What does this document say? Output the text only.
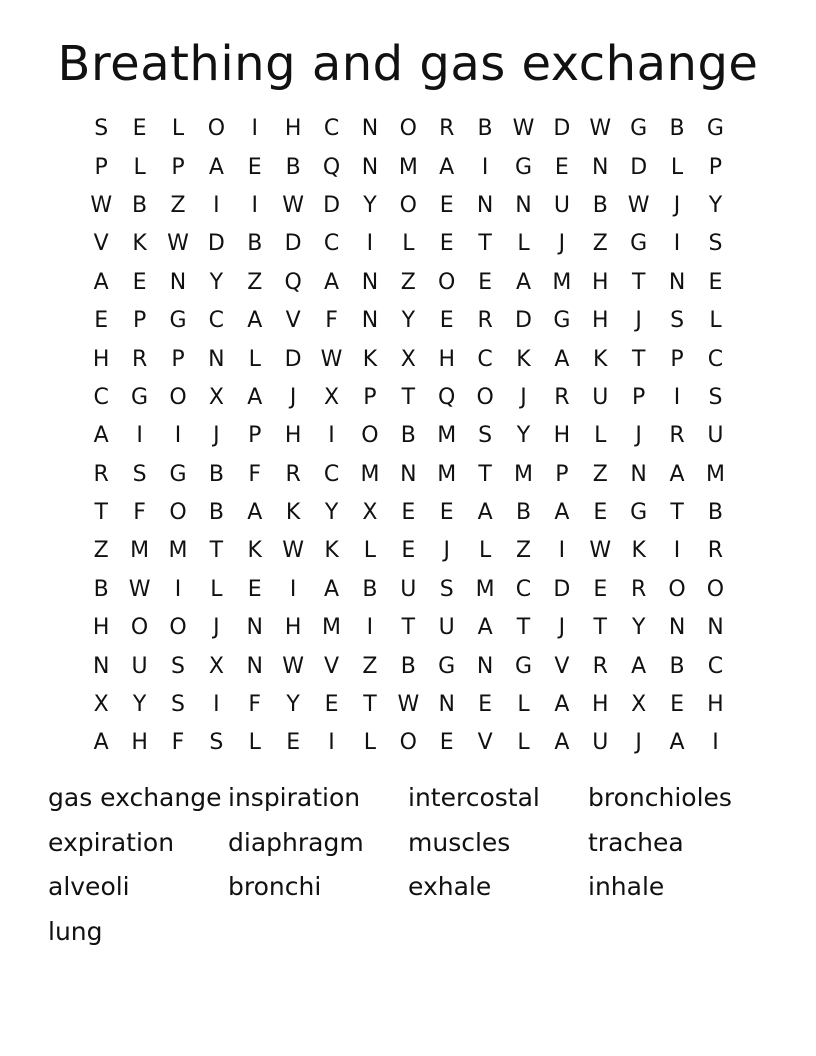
Breathing and gas exchange
S	E	L	O	I	H	C	N O	R	B W D W G	B	G
P	L	P	A	E	B	Q N M A	I	G	E	N D	L	P
W B	Z	I	I	W D	Y	O	E	N N	U	B W	J	Y
V	K W D	B	D	C	I	L	E	T	L	J	Z	G	I	S
A	E	N	Y	Z	Q	A	N	Z	O	E	A M H	T	N	E
E	P	G	C	A	V	F	N	Y	E	R	D G H	J	S	L
H	R	P	N	L	D W K	X	H	C	K	A	K	T	P	C
C	G O	X	A	J	X	P	T	Q O	J	R	U	P	I	S
A	I	I	J	P	H	I	O	B M S	Y	H	L	J	R	U
R	S	G	B	F	R	C M N M	T	M	P	Z	N	A M
T	F	O	B	A	K	Y	X	E	E	A	B	A	E	G	T	B
Z M M	T	K W K	L	E	J	L	Z	I	W K	I	R
B W	I	L	E	I	A	B	U	S M C	D	E	R	O O
H O O	J	N H M	I	T	U	A	T	J	T	Y	N N
N	U	S	X	N W V	Z	B	G N G	V	R	A	B	C
X	Y	S	I	F	Y	E	T W N	E	L	A	H	X	E	H
A	H	F	S	L	E	I	L	O	E	V	L	A	U	J	A	I
gas exchange inspiration	intercostal	bronchioles
expiration	diaphragm	muscles	trachea
alveoli	bronchi	exhale	inhale
lung
